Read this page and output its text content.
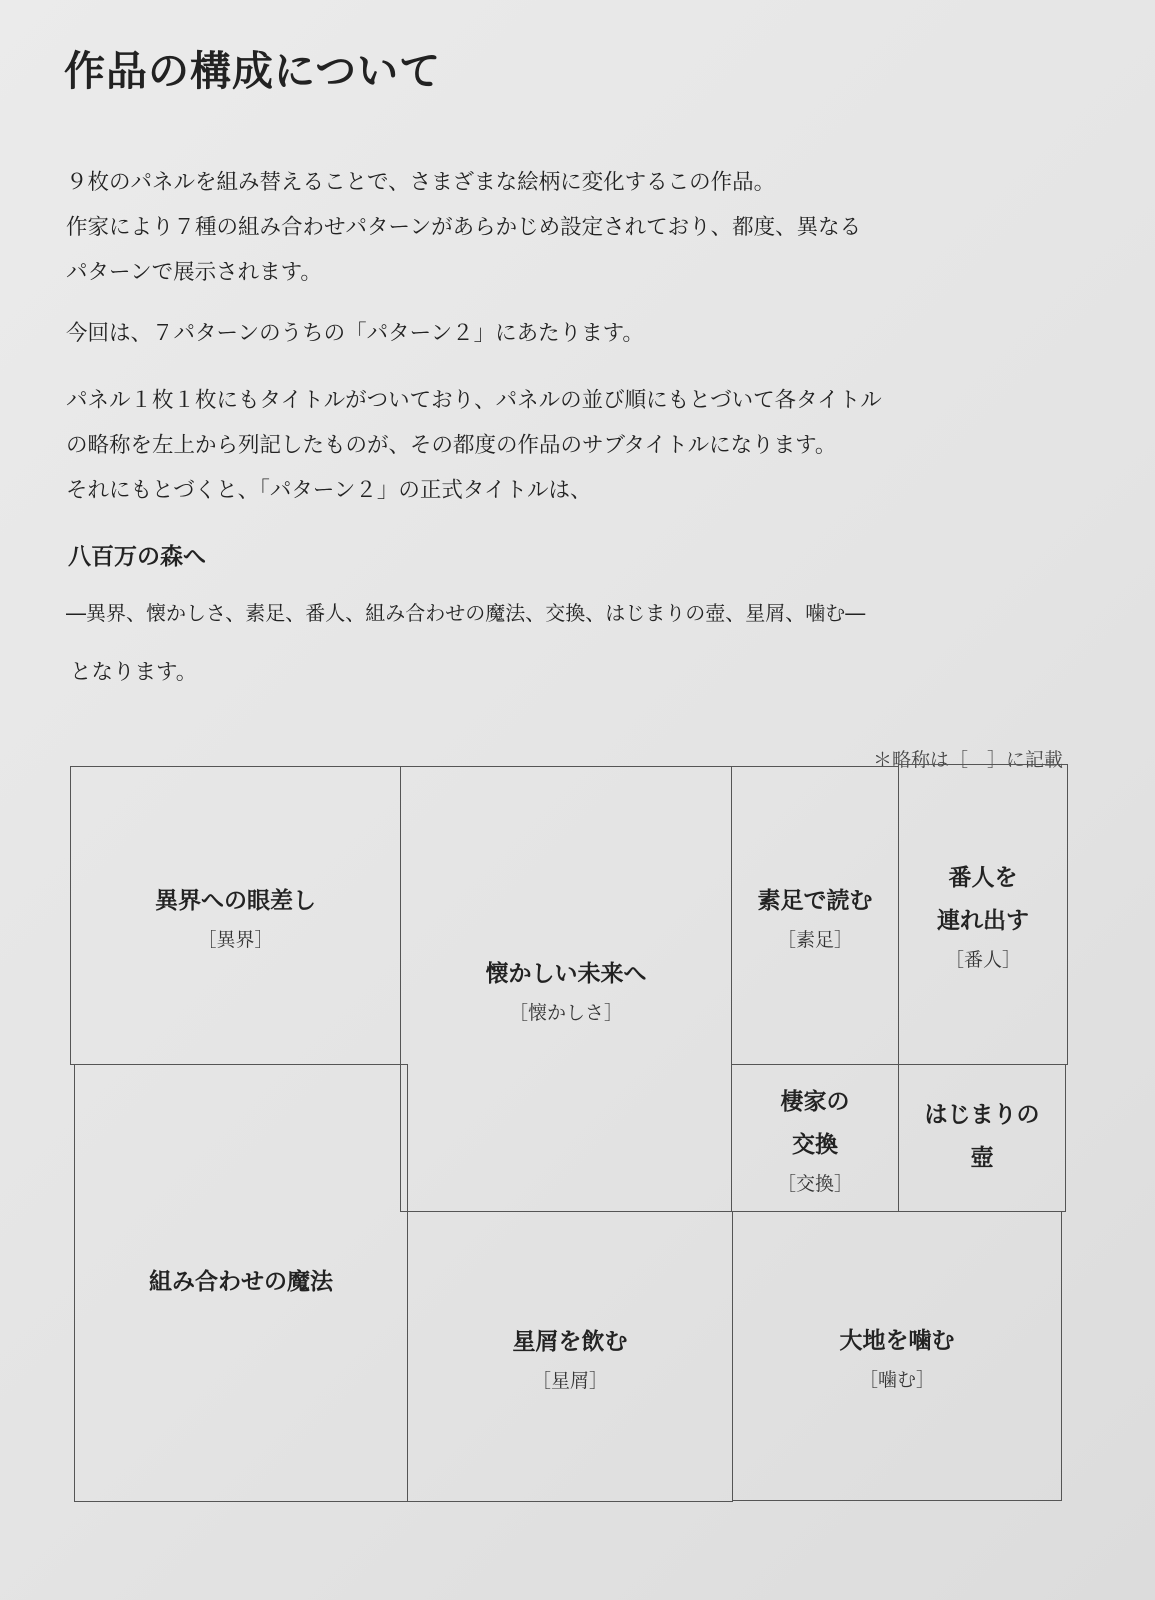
作品の構成について

９枚のパネルを組み替えることで、さまざまな絵柄に変化するこの作品。

作家により７種の組み合わせパターンがあらかじめ設定されており、都度、異なる

パターンで展示されます。

今回は、７パターンのうちの「パターン２」にあたります。

パネル１枚１枚にもタイトルがついており、パネルの並び順にもとづいて各タイトル

の略称を左上から列記したものが、その都度の作品のサブタイトルになります。

それにもとづくと、「パターン２」の正式タイトルは、

八百万の森へ
―異界、懐かしさ、素足、番人、組み合わせの魔法、交換、はじまりの壺、星屑、噛む―
となります。
＊略称は［　］に記載
異界への眼差し
［異界］
懐かしい未来へ
［懐かしさ］
素足で読む
［素足］
番人を
連れ出す
［番人］
組み合わせの魔法
棲家の
交換
［交換］
はじまりの
壺
星屑を飲む
［星屑］
大地を噛む
［噛む］
